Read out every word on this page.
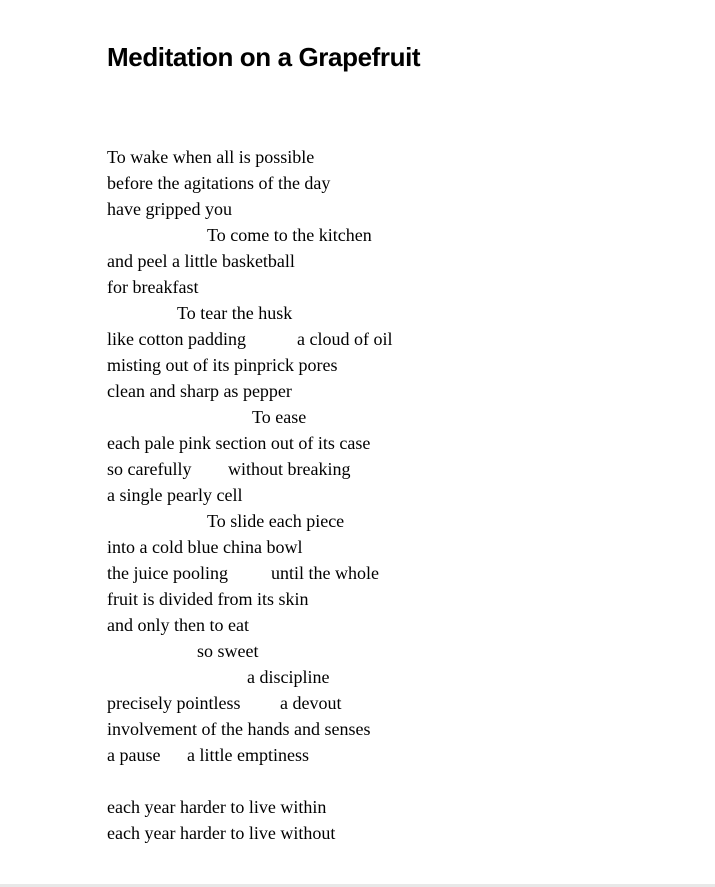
Meditation on a Grapefruit
To wake when all is possible
before the agitations of the day
have gripped you
To come to the kitchen
and peel a little basketball
for breakfast
To tear the husk
like cotton padding	a cloud of oil
misting out of its pinprick pores
clean and sharp as pepper
To ease
each pale pink section out of its case
so carefully without breaking
a single pearly cell
To slide each piece
into a cold blue china bowl
the juice pooling until the whole
fruit is divided from its skin
and only then to eat
so sweet
a discipline
precisely pointless a devout
involvement of the hands and senses
a pause a little emptiness
each year harder to live within
each year harder to live without
